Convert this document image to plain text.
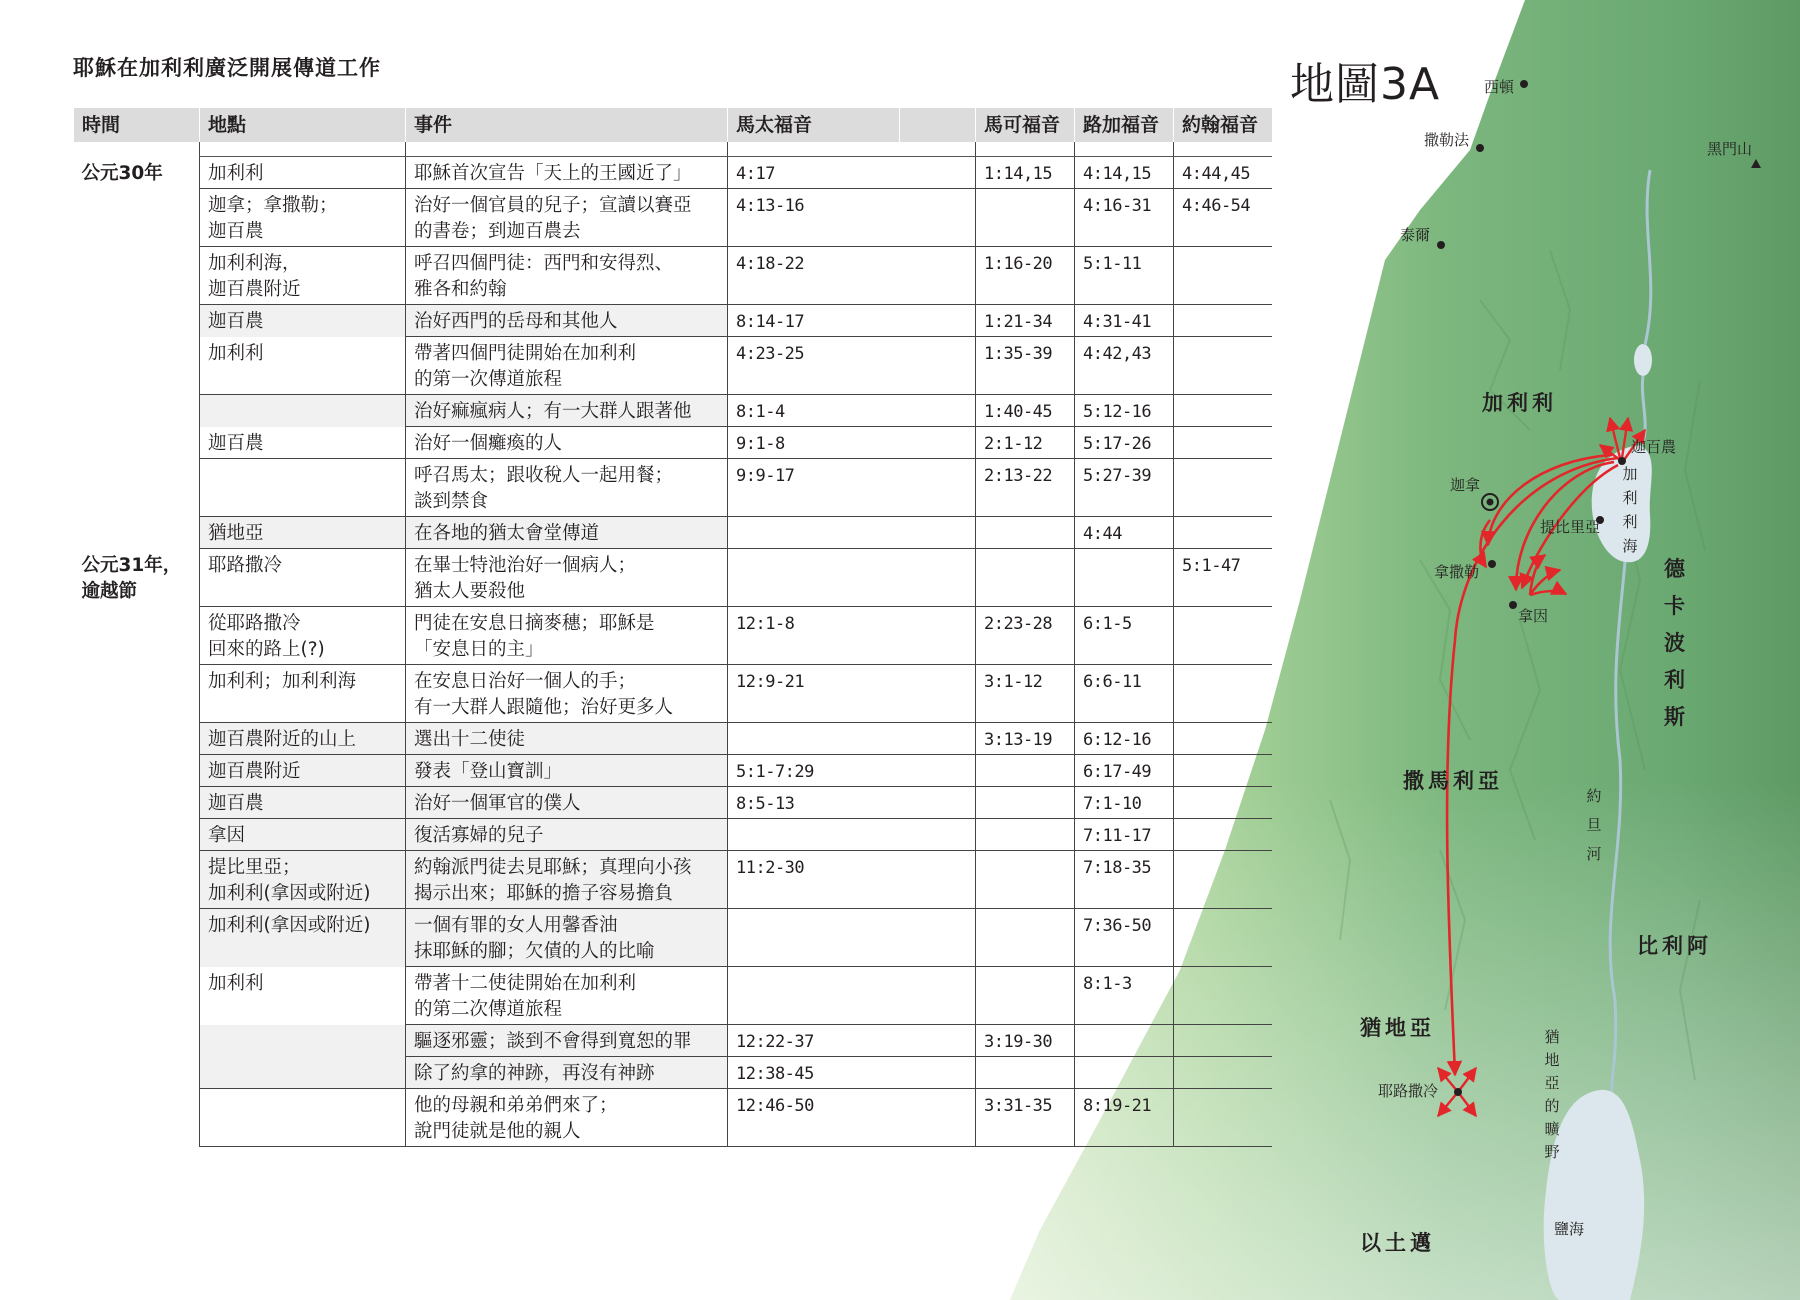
耶穌在加利利廣泛開展傳道工作
時間	地點	事件	馬太福音		馬可福音	路加福音	約翰福音

公元30年	加利利	耶穌首次宣告「天上的王國近了」	4:17		1:14,15	4:14,15	4:44,45
	迦拿；拿撒勒；
迦百農	治好一個官員的兒子；宣讀以賽亞
的書卷；到迦百農去	4:13-16			4:16-31	4:46-54
	加利利海，
迦百農附近	呼召四個門徒：西門和安得烈、
雅各和約翰	4:18-22		1:16-20	5:1-11	
	迦百農	治好西門的岳母和其他人	8:14-17		1:21-34	4:31-41	
	加利利	帶著四個門徒開始在加利利
的第一次傳道旅程	4:23-25		1:35-39	4:42,43	
		治好痲瘋病人；有一大群人跟著他	8:1-4		1:40-45	5:12-16	
	迦百農	治好一個癱瘓的人	9:1-8		2:1-12	5:17-26	
		呼召馬太；跟收稅人一起用餐；
談到禁食	9:9-17		2:13-22	5:27-39	
	猶地亞	在各地的猶太會堂傳道				4:44	
公元31年，
逾越節	耶路撒冷	在畢士特池治好一個病人；
猶太人要殺他					5:1-47
	從耶路撒冷
回來的路上(?)	門徒在安息日摘麥穗；耶穌是
「安息日的主」	12:1-8		2:23-28	6:1-5	
	加利利；加利利海	在安息日治好一個人的手；
有一大群人跟隨他；治好更多人	12:9-21		3:1-12	6:6-11	
	迦百農附近的山上	選出十二使徒			3:13-19	6:12-16	
	迦百農附近	發表「登山寶訓」	5:1-7:29			6:17-49	
	迦百農	治好一個軍官的僕人	8:5-13			7:1-10	
	拿因	復活寡婦的兒子				7:11-17	
	提比里亞；
加利利(拿因或附近)	約翰派門徒去見耶穌；真理向小孩
揭示出來；耶穌的擔子容易擔負	11:2-30			7:18-35	
	加利利(拿因或附近)	一個有罪的女人用馨香油
抹耶穌的腳；欠債的人的比喻				7:36-50	
	加利利	帶著十二使徒開始在加利利
的第二次傳道旅程				8:1-3	
		驅逐邪靈；談到不會得到寬恕的罪	12:22-37		3:19-30		
		除了約拿的神跡，再沒有神跡	12:38-45				
		他的母親和弟弟們來了；
說門徒就是他的親人	12:46-50		3:31-35	8:19-21	
地圖3A	西頓
撒勒法	黑門山
泰爾
迦百農
迦拿
提比里亞
拿撒勒
拿因
耶路撒冷
加利利
撒馬利亞
猶地亞
以土邁
比利阿
德卡波利斯
加利利海
約旦河
鹽海
猶地亞的曠野
